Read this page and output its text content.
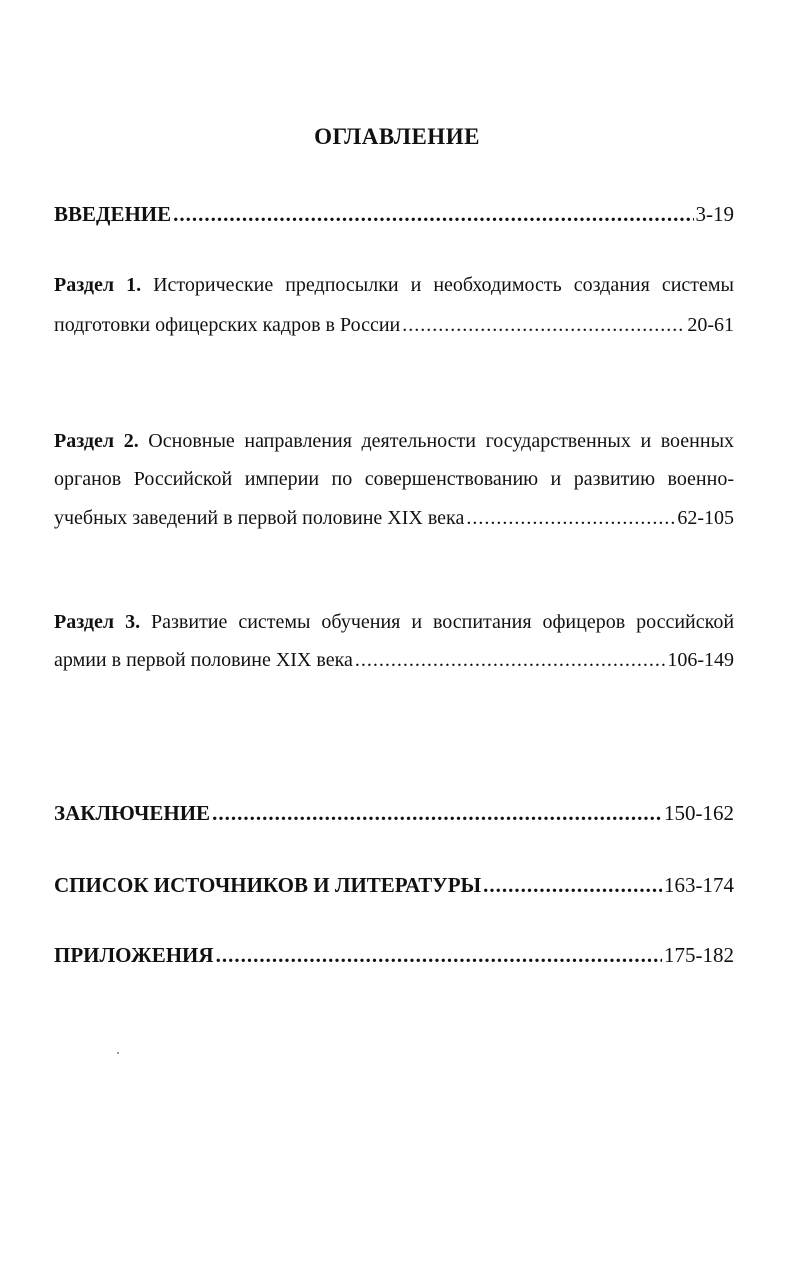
ОГЛАВЛЕНИЕ
ВВЕДЕНИЕ .....	3-19
Раздел 1. Исторические предпосылки и необходимость создания системы
подготовки офицерских кадров в России .....	20-61
Раздел 2. Основные направления деятельности государственных и военных
органов Российской империи по совершенствованию и развитию военно-
учебных заведений в первой половине XIX века .....	62-105
Раздел 3. Развитие системы обучения и воспитания офицеров российской
армии в первой половине XIX века .....	106-149
ЗАКЛЮЧЕНИЕ .....	150-162
СПИСОК ИСТОЧНИКОВ И ЛИТЕРАТУРЫ .....	163-174
ПРИЛОЖЕНИЯ .....	175-182
